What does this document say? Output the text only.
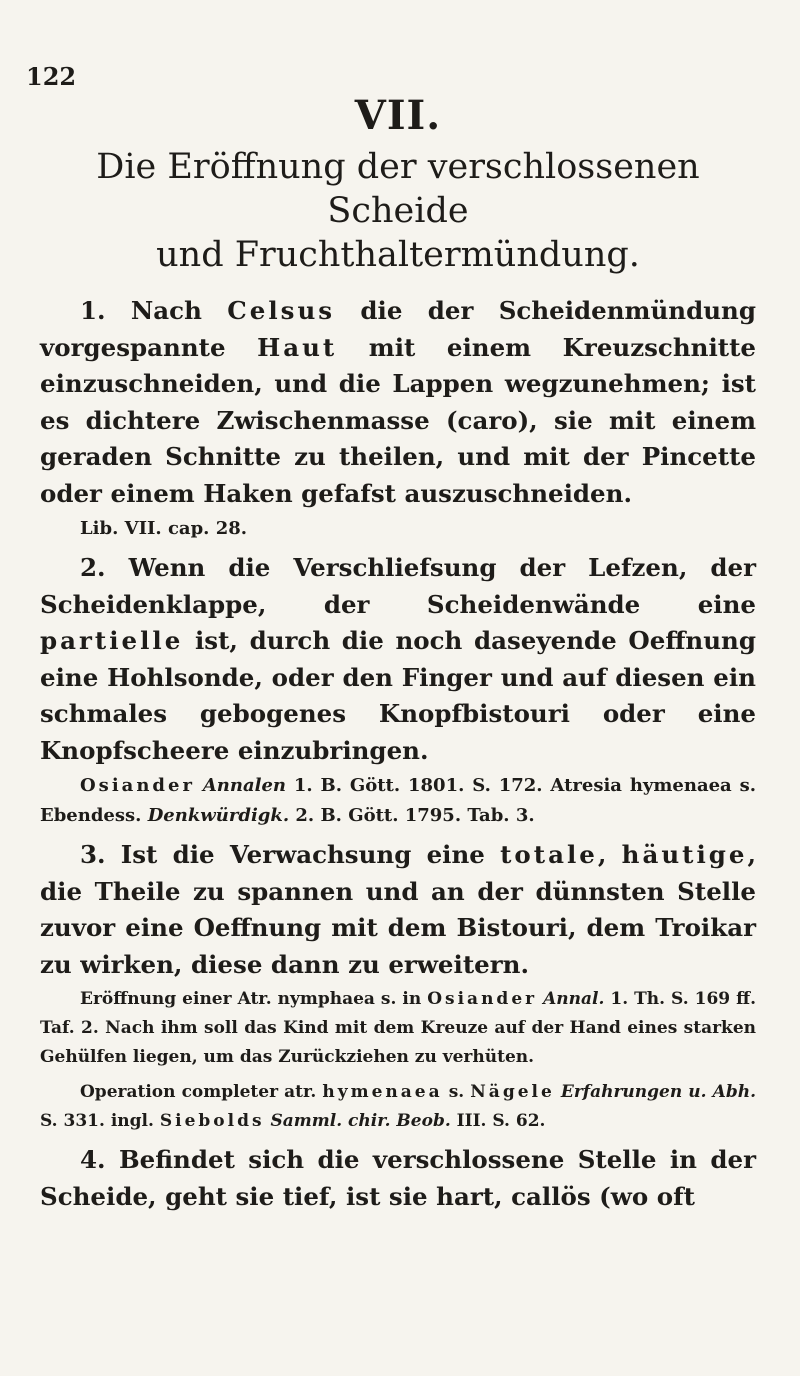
122
VII.
Die Eröffnung der verschlossenen Scheide
und Fruchthaltermündung.

1. Nach Celsus die der Scheidenmündung vorgespannte Haut mit einem Kreuzschnitte einzuschneiden, und die Lappen wegzunehmen; ist es dichtere Zwischenmasse (caro), sie mit einem geraden Schnitte zu theilen, und mit der Pincette oder einem Haken gefafst auszuschneiden.

Lib. VII. cap. 28.

2. Wenn die Verschliefsung der Lefzen, der Scheidenklappe, der Scheidenwände eine partielle ist, durch die noch daseyende Oeffnung eine Hohlsonde, oder den Finger und auf diesen ein schmales gebogenes Knopfbistouri oder eine Knopfscheere einzubringen.

Osiander Annalen 1. B. Gött. 1801. S. 172. Atresia hymenaea s. Ebendess. Denkwürdigk. 2. B. Gött. 1795. Tab. 3.

3. Ist die Verwachsung eine totale, häutige, die Theile zu spannen und an der dünnsten Stelle zuvor eine Oeffnung mit dem Bistouri, dem Troikar zu wirken, diese dann zu erweitern.

Eröffnung einer Atr. nymphaea s. in Osiander Annal. 1. Th. S. 169 ff. Taf. 2. Nach ihm soll das Kind mit dem Kreuze auf der Hand eines starken Gehülfen liegen, um das Zurückziehen zu verhüten.

Operation completer atr. hymenaea s. Nägele Erfahrungen u. Abh. S. 331. ingl. Siebolds Samml. chir. Beob. III. S. 62.

4. Befindet sich die verschlossene Stelle in der Scheide, geht sie tief, ist sie hart, callös (wo oft
